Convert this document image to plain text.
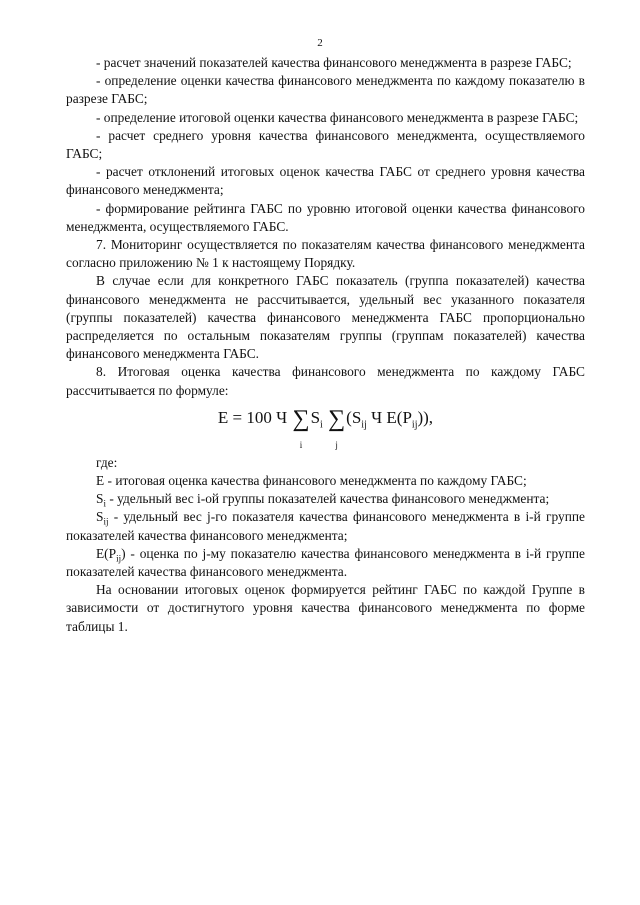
2

- расчет значений показателей качества финансового менеджмента в разрезе ГАБС;

- определение оценки качества финансового менеджмента по каждому показателю в разрезе ГАБС;

- определение итоговой оценки качества финансового менеджмента в разрезе ГАБС;

- расчет среднего уровня качества финансового менеджмента, осуществляемого ГАБС;

- расчет отклонений итоговых оценок качества ГАБС от среднего уровня качества финансового менеджмента;

- формирование рейтинга ГАБС по уровню итоговой оценки качества финансового менеджмента, осуществляемого ГАБС.

7. Мониторинг осуществляется по показателям качества финансового менеджмента согласно приложению № 1 к настоящему Порядку.

В случае если для конкретного ГАБС показатель (группа показателей) качества финансового менеджмента не рассчитывается, удельный вес указанного показателя (группы показателей) качества финансового менеджмента ГАБС пропорционально распределяется по остальным показателям группы (группам показателей) качества финансового менеджмента ГАБС.

8. Итоговая оценка качества финансового менеджмента по каждому ГАБС рассчитывается по формуле:

E = 100 Ч ∑
i
$S_i$ ∑
j
($S_{ij}$ Ч $E(P_{ij})$),

где:

E - итоговая оценка качества финансового менеджмента по каждому ГАБС;

$S_i$ - удельный вес i-ой группы показателей качества финансового менеджмента;

$S_{ij}$ - удельный вес j-го показателя качества финансового менеджмента в i-й группе показателей качества финансового менеджмента;

$E(P_{ij})$ - оценка по j-му показателю качества финансового менеджмента в i-й группе показателей качества финансового менеджмента.

На основании итоговых оценок формируется рейтинг ГАБС по каждой Группе в зависимости от достигнутого уровня качества финансового менеджмента по форме таблицы 1.
